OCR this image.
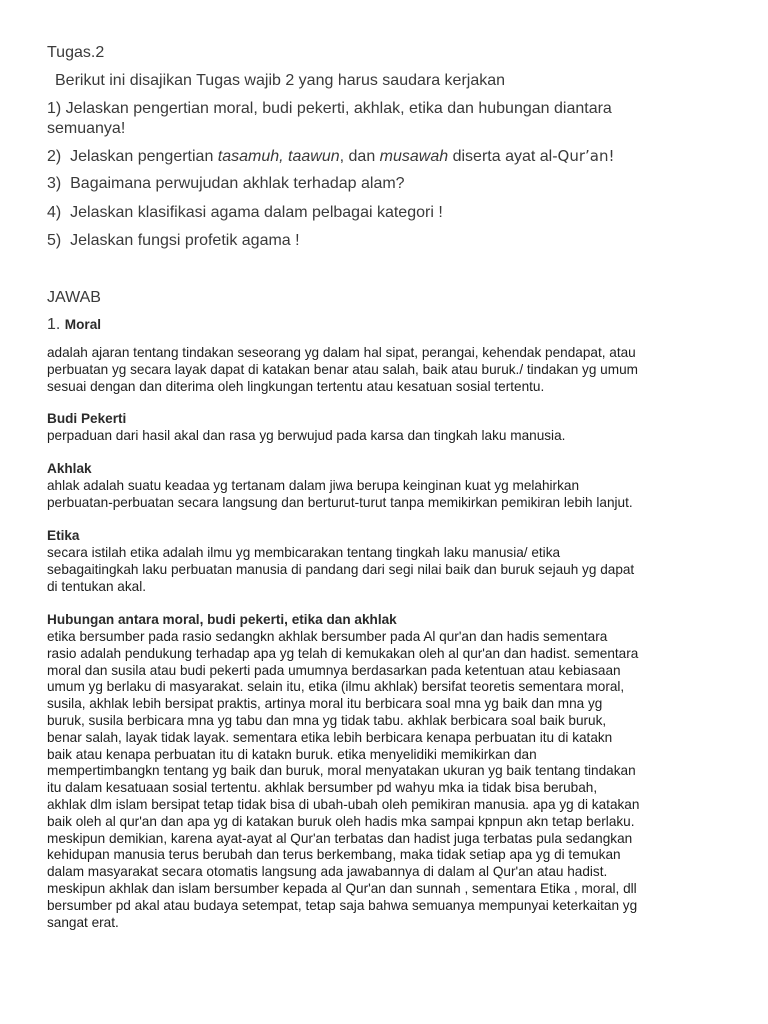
Tugas.2

Berikut ini disajikan Tugas wajib 2 yang harus saudara kerjakan

1) Jelaskan pengertian moral, budi pekerti, akhlak, etika dan hubungan diantara
semuanya!

2) Jelaskan pengertian tasamuh, taawun, dan musawah diserta ayat al-Qur’an!

3) Bagaimana perwujudan akhlak terhadap alam?

4) Jelaskan klasifikasi agama dalam pelbagai kategori !

5) Jelaskan fungsi profetik agama !

JAWAB

1. Moral

adalah ajaran tentang tindakan seseorang yg dalam hal sipat, perangai, kehendak pendapat, atau
perbuatan yg secara layak dapat di katakan benar atau salah, baik atau buruk./ tindakan yg umum
sesuai dengan dan diterima oleh lingkungan tertentu atau kesatuan sosial tertentu.

Budi Pekerti

perpaduan dari hasil akal dan rasa yg berwujud pada karsa dan tingkah laku manusia.

Akhlak

ahlak adalah suatu keadaa yg tertanam dalam jiwa berupa keinginan kuat yg melahirkan
perbuatan-perbuatan secara langsung dan berturut-turut tanpa memikirkan pemikiran lebih lanjut.

Etika

secara istilah etika adalah ilmu yg membicarakan tentang tingkah laku manusia/ etika
sebagaitingkah laku perbuatan manusia di pandang dari segi nilai baik dan buruk sejauh yg dapat
di tentukan akal.

Hubungan antara moral, budi pekerti, etika dan akhlak

etika bersumber pada rasio sedangkn akhlak bersumber pada Al qur'an dan hadis sementara
rasio adalah pendukung terhadap apa yg telah di kemukakan oleh al qur'an dan hadist. sementara
moral dan susila atau budi pekerti pada umumnya berdasarkan pada ketentuan atau kebiasaan
umum yg berlaku di masyarakat. selain itu, etika (ilmu akhlak) bersifat teoretis sementara moral,
susila, akhlak lebih bersipat praktis, artinya moral itu berbicara soal mna yg baik dan mna yg
buruk, susila berbicara mna yg tabu dan mna yg tidak tabu. akhlak berbicara soal baik buruk,
benar salah, layak tidak layak. sementara etika lebih berbicara kenapa perbuatan itu di katakn
baik atau kenapa perbuatan itu di katakn buruk. etika menyelidiki memikirkan dan
mempertimbangkn tentang yg baik dan buruk, moral menyatakan ukuran yg baik tentang tindakan
itu dalam kesatuaan sosial tertentu. akhlak bersumber pd wahyu mka ia tidak bisa berubah,
akhlak dlm islam bersipat tetap tidak bisa di ubah-ubah oleh pemikiran manusia. apa yg di katakan
baik oleh al qur'an dan apa yg di katakan buruk oleh hadis mka sampai kpnpun akn tetap berlaku.
meskipun demikian, karena ayat-ayat al Qur'an terbatas dan hadist juga terbatas pula sedangkan
kehidupan manusia terus berubah dan terus berkembang, maka tidak setiap apa yg di temukan
dalam masyarakat secara otomatis langsung ada jawabannya di dalam al Qur'an atau hadist.
meskipun akhlak dan islam bersumber kepada al Qur'an dan sunnah , sementara Etika , moral, dll
bersumber pd akal atau budaya setempat, tetap saja bahwa semuanya mempunyai keterkaitan yg
sangat erat.
